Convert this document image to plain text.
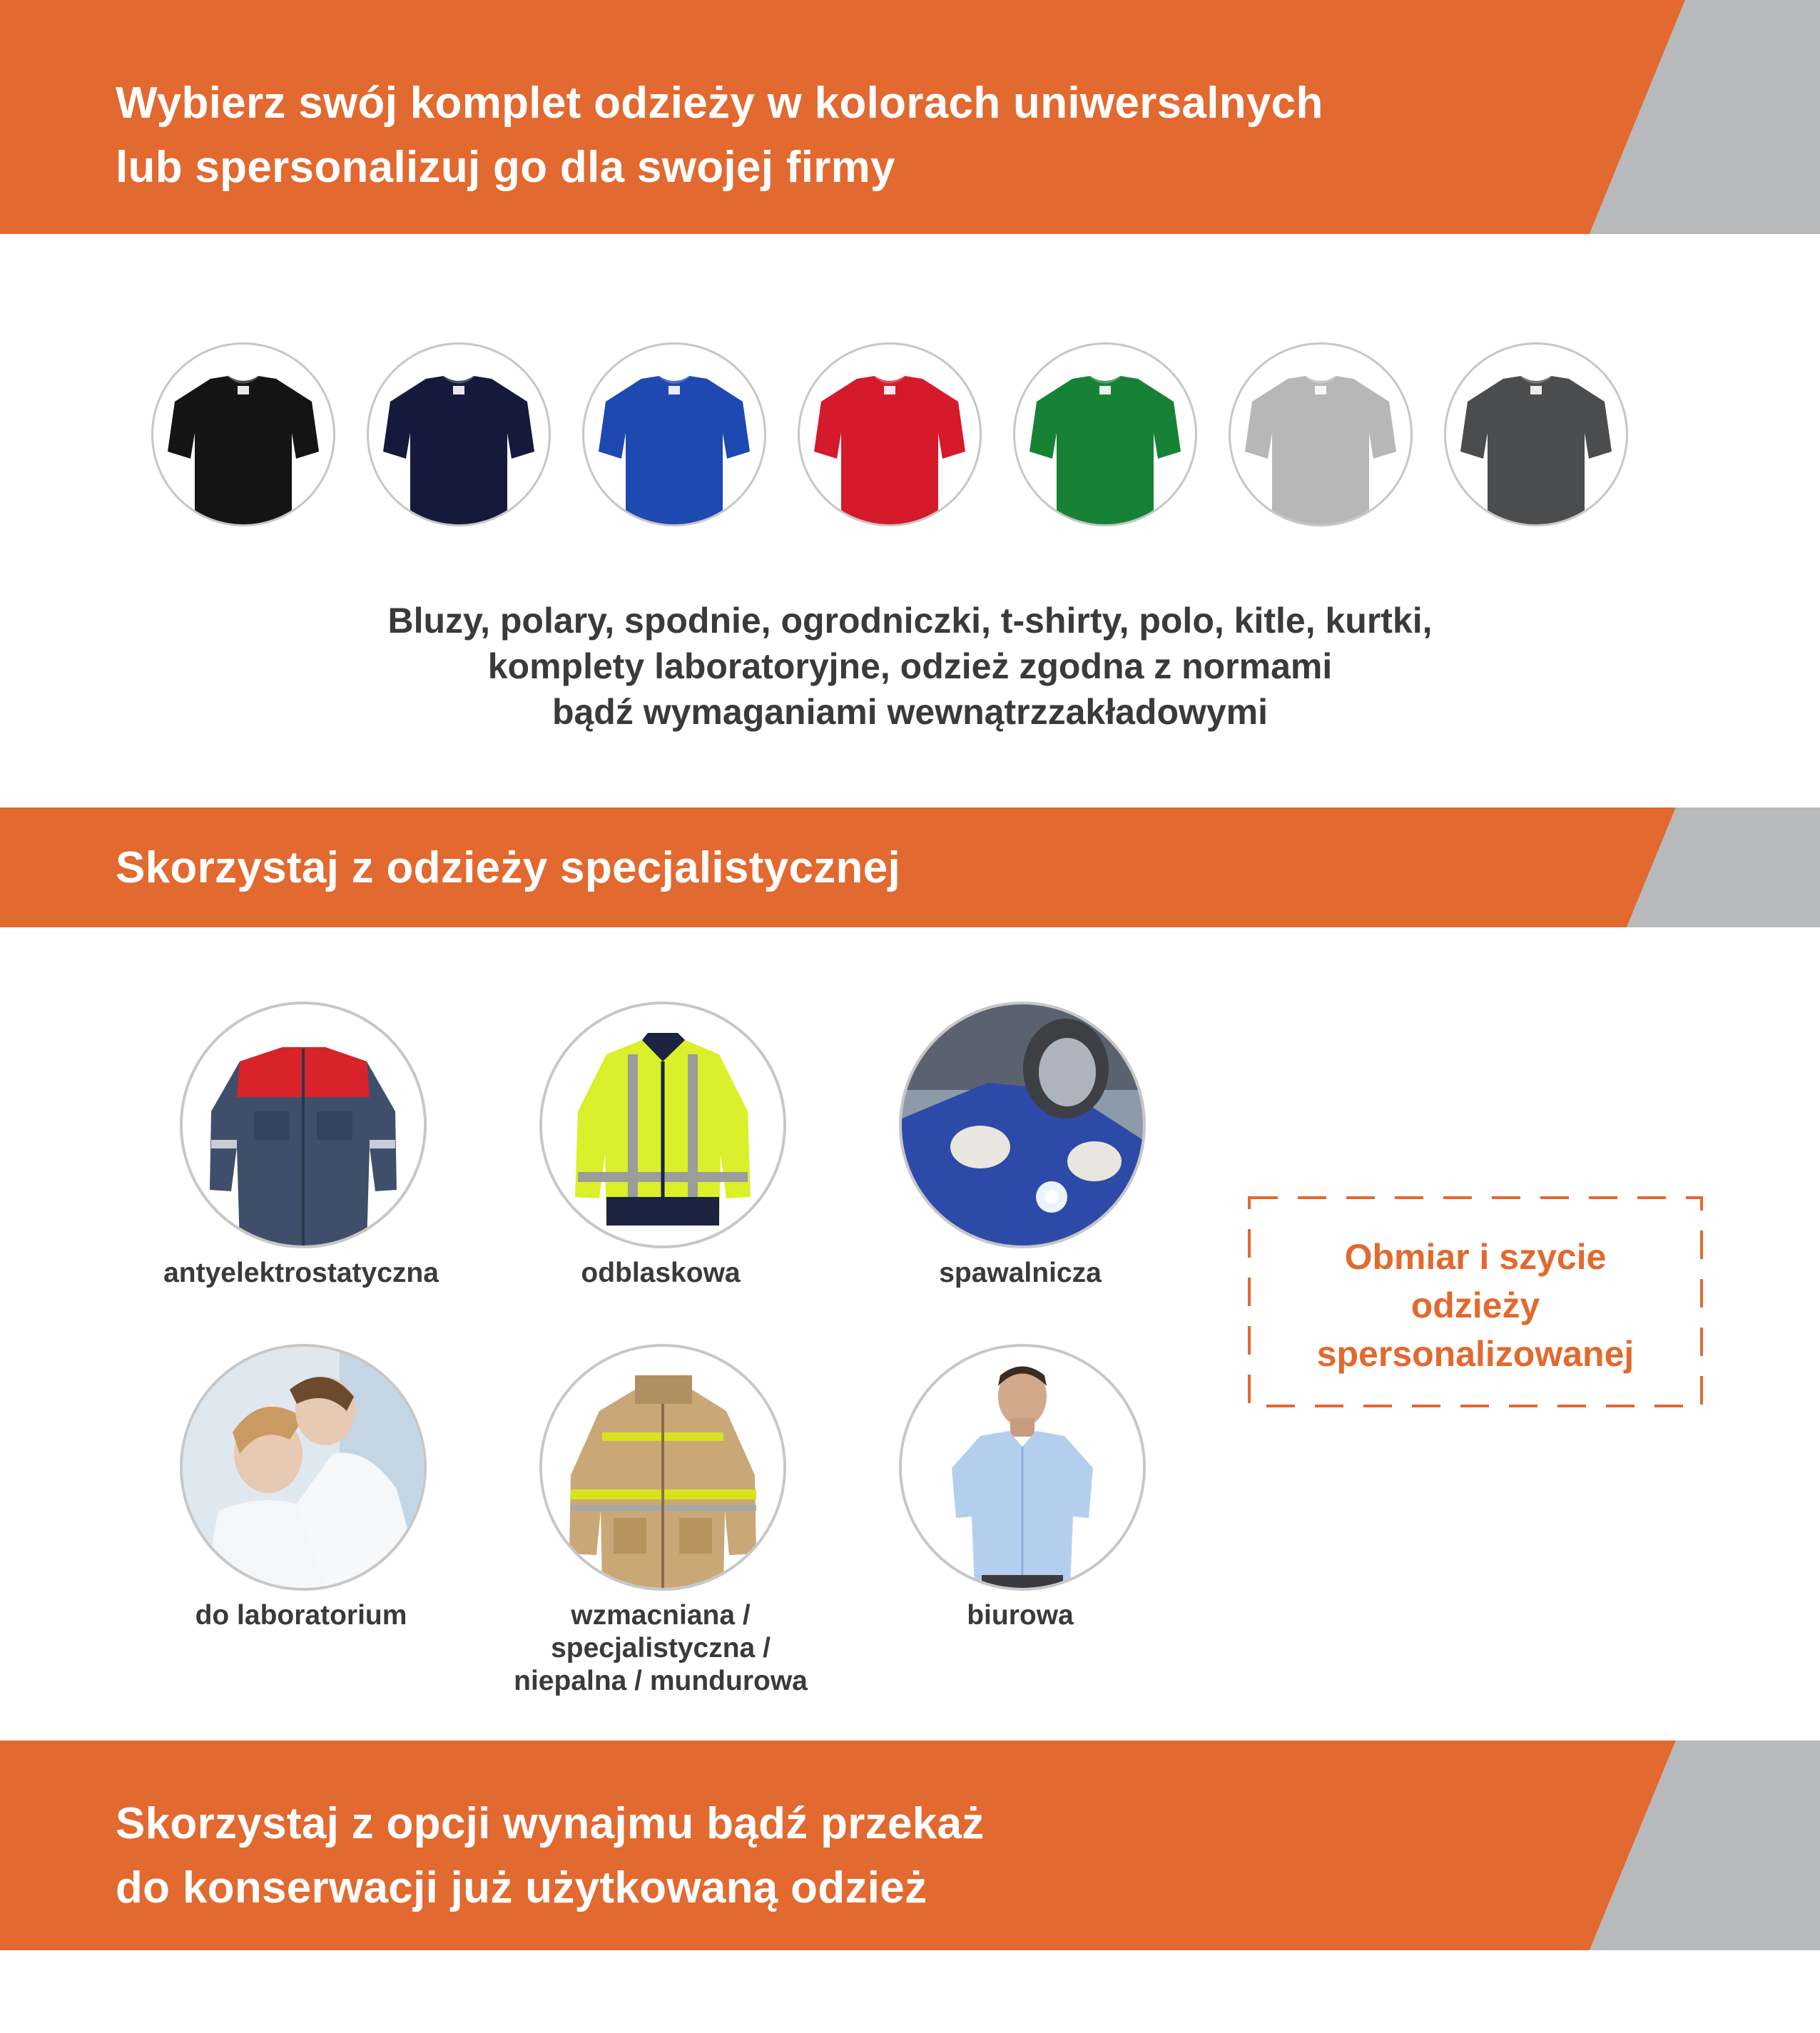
Wybierz swój komplet odzieży w kolorach uniwersalnych
lub spersonalizuj go dla swojej firmy
Bluzy, polary, spodnie, ogrodniczki, t-shirty, polo, kitle, kurtki,
komplety laboratoryjne, odzież zgodna z normami
bądź wymaganiami wewnątrzzakładowymi
Skorzystaj z odzieży specjalistycznej
antyelektrostatyczna	odblaskowa	spawalnicza
do laboratorium	wzmacniana /
specjalistyczna /
niepalna / mundurowa
biurowa
Obmiar i szycie
odzieży
spersonalizowanej
Skorzystaj z opcji wynajmu bądź przekaż
do konserwacji już użytkowaną odzież
